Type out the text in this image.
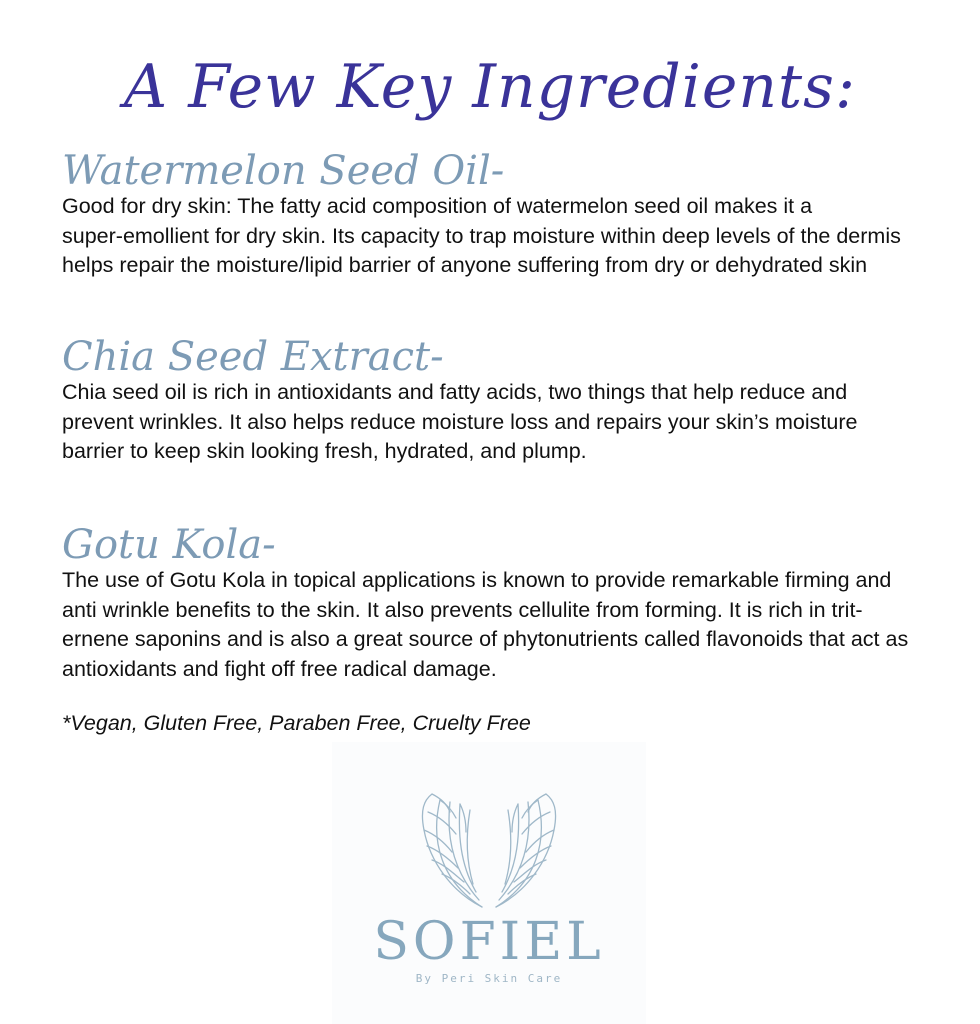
A Few Key Ingredients:
Watermelon Seed Oil-
Good for dry skin: The fatty acid composition of watermelon seed oil makes it a
super-emollient for dry skin. Its capacity to trap moisture within deep levels of the dermis
helps repair the moisture/lipid barrier of anyone suffering from dry or dehydrated skin
Chia Seed Extract-
Chia seed oil is rich in antioxidants and fatty acids, two things that help reduce and
prevent wrinkles. It also helps reduce moisture loss and repairs your skin’s moisture
barrier to keep skin looking fresh, hydrated, and plump.
Gotu Kola-
The use of Gotu Kola in topical applications is known to provide remarkable firming and
anti wrinkle benefits to the skin. It also prevents cellulite from forming. It is rich in trit-
ernene saponins and is also a great source of phytonutrients called flavonoids that act as
antioxidants and fight off free radical damage.

*Vegan, Gluten Free, Paraben Free, Cruelty Free

SOFIEL
By Peri Skin Care
